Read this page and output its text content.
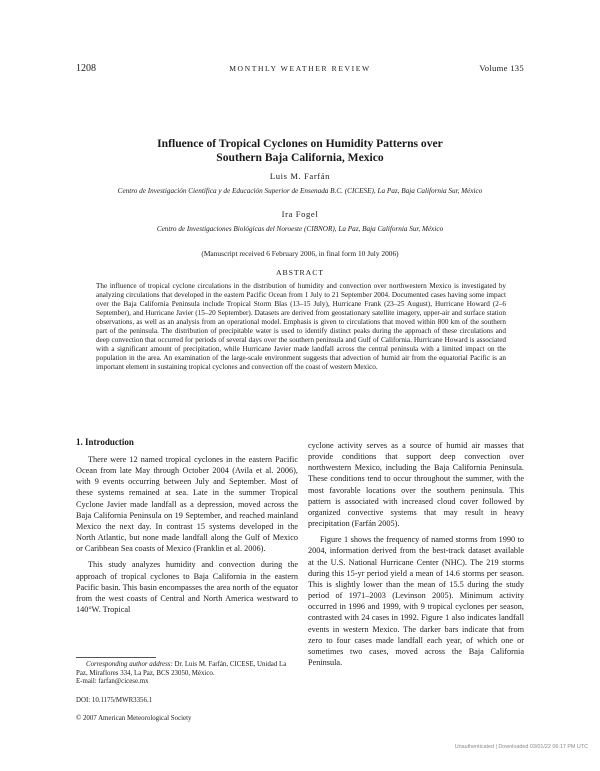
1208	MONTHLY WEATHER REVIEW	Volume 135
Influence of Tropical Cyclones on Humidity Patterns over
Southern Baja California, Mexico
Luis M. Farfán
Centro de Investigación Científica y de Educación Superior de Ensenada B.C. (CICESE), La Paz, Baja California Sur, México
Ira Fogel
Centro de Investigaciones Biológicas del Noroeste (CIBNOR), La Paz, Baja California Sur, México
(Manuscript received 6 February 2006, in final form 10 July 2006)
ABSTRACT
The influence of tropical cyclone circulations in the distribution of humidity and convection over northwestern Mexico is investigated by analyzing circulations that developed in the eastern Pacific Ocean from 1 July to 21 September 2004. Documented cases having some impact over the Baja California Peninsula include Tropical Storm Blas (13–15 July), Hurricane Frank (23–25 August), Hurricane Howard (2–6 September), and Hurricane Javier (15–20 September). Datasets are derived from geostationary satellite imagery, upper-air and surface station observations, as well as an analysis from an operational model. Emphasis is given to circulations that moved within 800 km of the southern part of the peninsula. The distribution of precipitable water is used to identify distinct peaks during the approach of these circulations and deep convection that occurred for periods of several days over the southern peninsula and Gulf of California. Hurricane Howard is associated with a significant amount of precipitation, while Hurricane Javier made landfall across the central peninsula with a limited impact on the population in the area. An examination of the large-scale environment suggests that advection of humid air from the equatorial Pacific is an important element in sustaining tropical cyclones and convection off the coast of western Mexico.
1. Introduction

There were 12 named tropical cyclones in the eastern Pacific Ocean from late May through October 2004 (Avila et al. 2006), with 9 events occurring between July and September. Most of these systems remained at sea. Late in the summer Tropical Cyclone Javier made landfall as a depression, moved across the Baja California Peninsula on 19 September, and reached mainland Mexico the next day. In contrast 15 systems developed in the North Atlantic, but none made landfall along the Gulf of Mexico or Caribbean Sea coasts of Mexico (Franklin et al. 2006).

This study analyzes humidity and convection during the approach of tropical cyclones to Baja California in the eastern Pacific basin. This basin encompasses the area north of the equator from the west coasts of Central and North America westward to 140°W. Tropical

cyclone activity serves as a source of humid air masses that provide conditions that support deep convection over northwestern Mexico, including the Baja California Peninsula. These conditions tend to occur throughout the summer, with the most favorable locations over the southern peninsula. This pattern is associated with increased cloud cover followed by organized convective systems that may result in heavy precipitation (Farfán 2005).

Figure 1 shows the frequency of named storms from 1990 to 2004, information derived from the best-track dataset available at the U.S. National Hurricane Center (NHC). The 219 storms during this 15-yr period yield a mean of 14.6 storms per season. This is slightly lower than the mean of 15.5 during the study period of 1971–2003 (Levinson 2005). Minimum activity occurred in 1996 and 1999, with 9 tropical cyclones per season, contrasted with 24 cases in 1992. Figure 1 also indicates landfall events in western Mexico. The darker bars indicate that from zero to four cases made landfall each year, of which one or sometimes two cases, moved across the Baja California Peninsula.

Corresponding author address: Dr. Luis M. Farfán, CICESE, Unidad La Paz, Miraflores 334, La Paz, BCS 23050, México.
E-mail: farfan@cicese.mx
DOI: 10.1175/MWR3356.1
© 2007 American Meteorological Society
Unauthenticated | Downloaded 03/01/22 06:17 PM UTC
